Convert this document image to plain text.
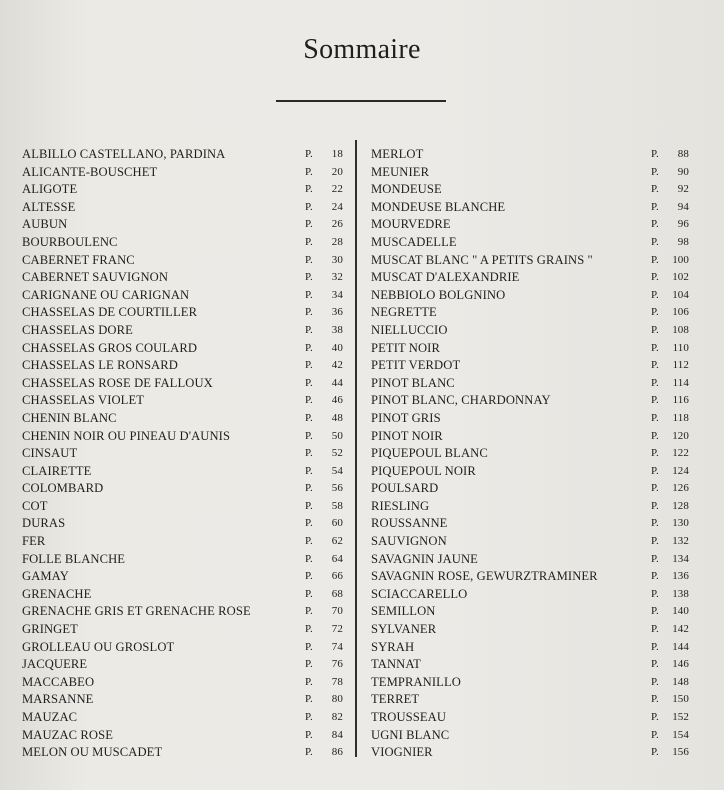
Sommaire
ALBILLO CASTELLANO, PARDINA	P. 18
ALICANTE-BOUSCHET	P. 20
ALIGOTE	P. 22
ALTESSE	P. 24
AUBUN	P. 26
BOURBOULENC	P. 28
CABERNET FRANC	P. 30
CABERNET SAUVIGNON	P. 32
CARIGNANE OU CARIGNAN	P. 34
CHASSELAS DE COURTILLER	P. 36
CHASSELAS DORE	P. 38
CHASSELAS GROS COULARD	P. 40
CHASSELAS LE RONSARD	P. 42
CHASSELAS ROSE DE FALLOUX	P. 44
CHASSELAS VIOLET	P. 46
CHENIN BLANC	P. 48
CHENIN NOIR OU PINEAU D'AUNIS	P. 50
CINSAUT	P. 52
CLAIRETTE	P. 54
COLOMBARD	P. 56
COT	P. 58
DURAS	P. 60
FER	P. 62
FOLLE BLANCHE	P. 64
GAMAY	P. 66
GRENACHE	P. 68
GRENACHE GRIS ET GRENACHE ROSE	P. 70
GRINGET	P. 72
GROLLEAU OU GROSLOT	P. 74
JACQUERE	P. 76
MACCABEO	P. 78
MARSANNE	P. 80
MAUZAC	P. 82
MAUZAC ROSE	P. 84
MELON OU MUSCADET	P. 86
MERLOT	P. 88
MEUNIER	P. 90
MONDEUSE	P. 92
MONDEUSE BLANCHE	P. 94
MOURVEDRE	P. 96
MUSCADELLE	P. 98
MUSCAT BLANC " A PETITS GRAINS "	P. 100
MUSCAT D'ALEXANDRIE	P. 102
NEBBIOLO BOLGNINO	P. 104
NEGRETTE	P. 106
NIELLUCCIO	P. 108
PETIT NOIR	P. 110
PETIT VERDOT	P. 112
PINOT BLANC	P. 114
PINOT BLANC, CHARDONNAY	P. 116
PINOT GRIS	P. 118
PINOT NOIR	P. 120
PIQUEPOUL BLANC	P. 122
PIQUEPOUL NOIR	P. 124
POULSARD	P. 126
RIESLING	P. 128
ROUSSANNE	P. 130
SAUVIGNON	P. 132
SAVAGNIN JAUNE	P. 134
SAVAGNIN ROSE, GEWURZTRAMINER	P. 136
SCIACCARELLO	P. 138
SEMILLON	P. 140
SYLVANER	P. 142
SYRAH	P. 144
TANNAT	P. 146
TEMPRANILLO	P. 148
TERRET	P. 150
TROUSSEAU	P. 152
UGNI BLANC	P. 154
VIOGNIER	P. 156
